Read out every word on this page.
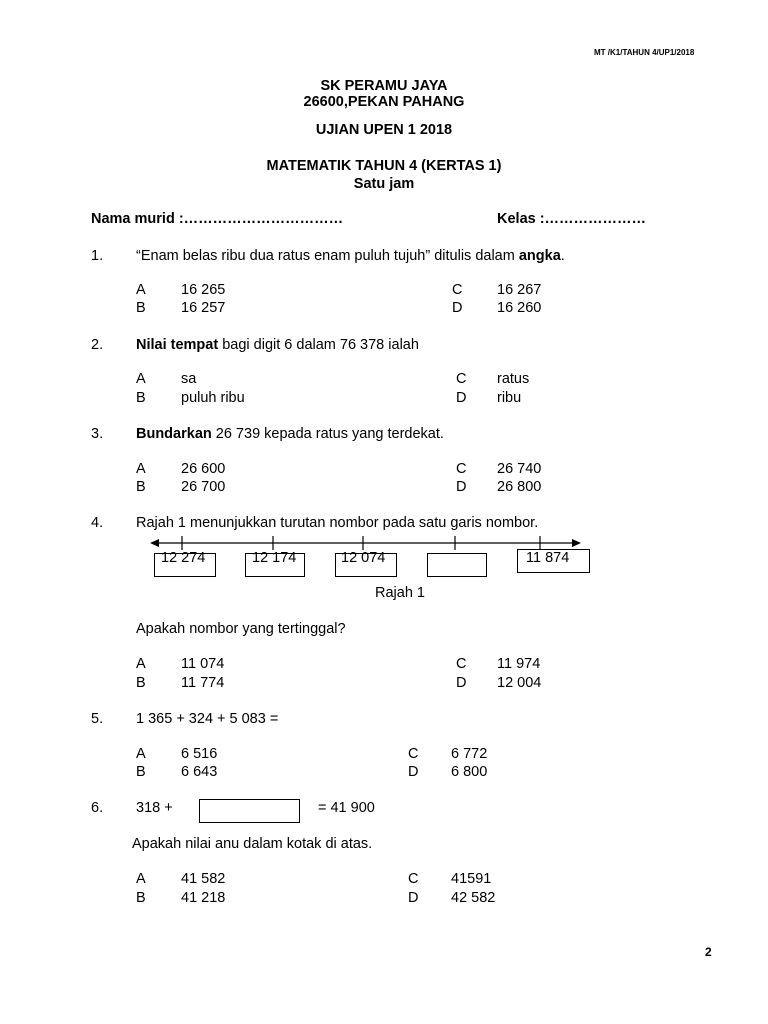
MT /K1/TAHUN 4/UP1/2018
SK PERAMU JAYA
26600,PEKAN PAHANG
UJIAN UPEN 1 2018
MATEMATIK TAHUN 4 (KERTAS 1)
Satu jam
Nama murid :……………………………	Kelas :…………………
1. “Enam belas ribu dua ratus enam puluh tujuh” ditulis dalam angka.
A 16 265
B 16 257
C 16 267
D 16 260
2. Nilai tempat bagi digit 6 dalam 76 378 ialah
A sa
B puluh ribu
C ratus
D ribu
3. Bundarkan 26 739 kepada ratus yang terdekat.
A 26 600
B 26 700
C 26 740
D 26 800
4. Rajah 1 menunjukkan turutan nombor pada satu garis nombor.
12 274	12 174	12 074	11 874
Rajah 1
Apakah nombor yang tertinggal?
A 11 074
B 11 774
C 11 974
D 12 004
5. 1 365 + 324 + 5 083 =
A 6 516
B 6 643
C 6 772
D 6 800
6. 318 +	= 41 900
Apakah nilai anu dalam kotak di atas.
A 41 582
B 41 218
C 41591
D 42 582
2
